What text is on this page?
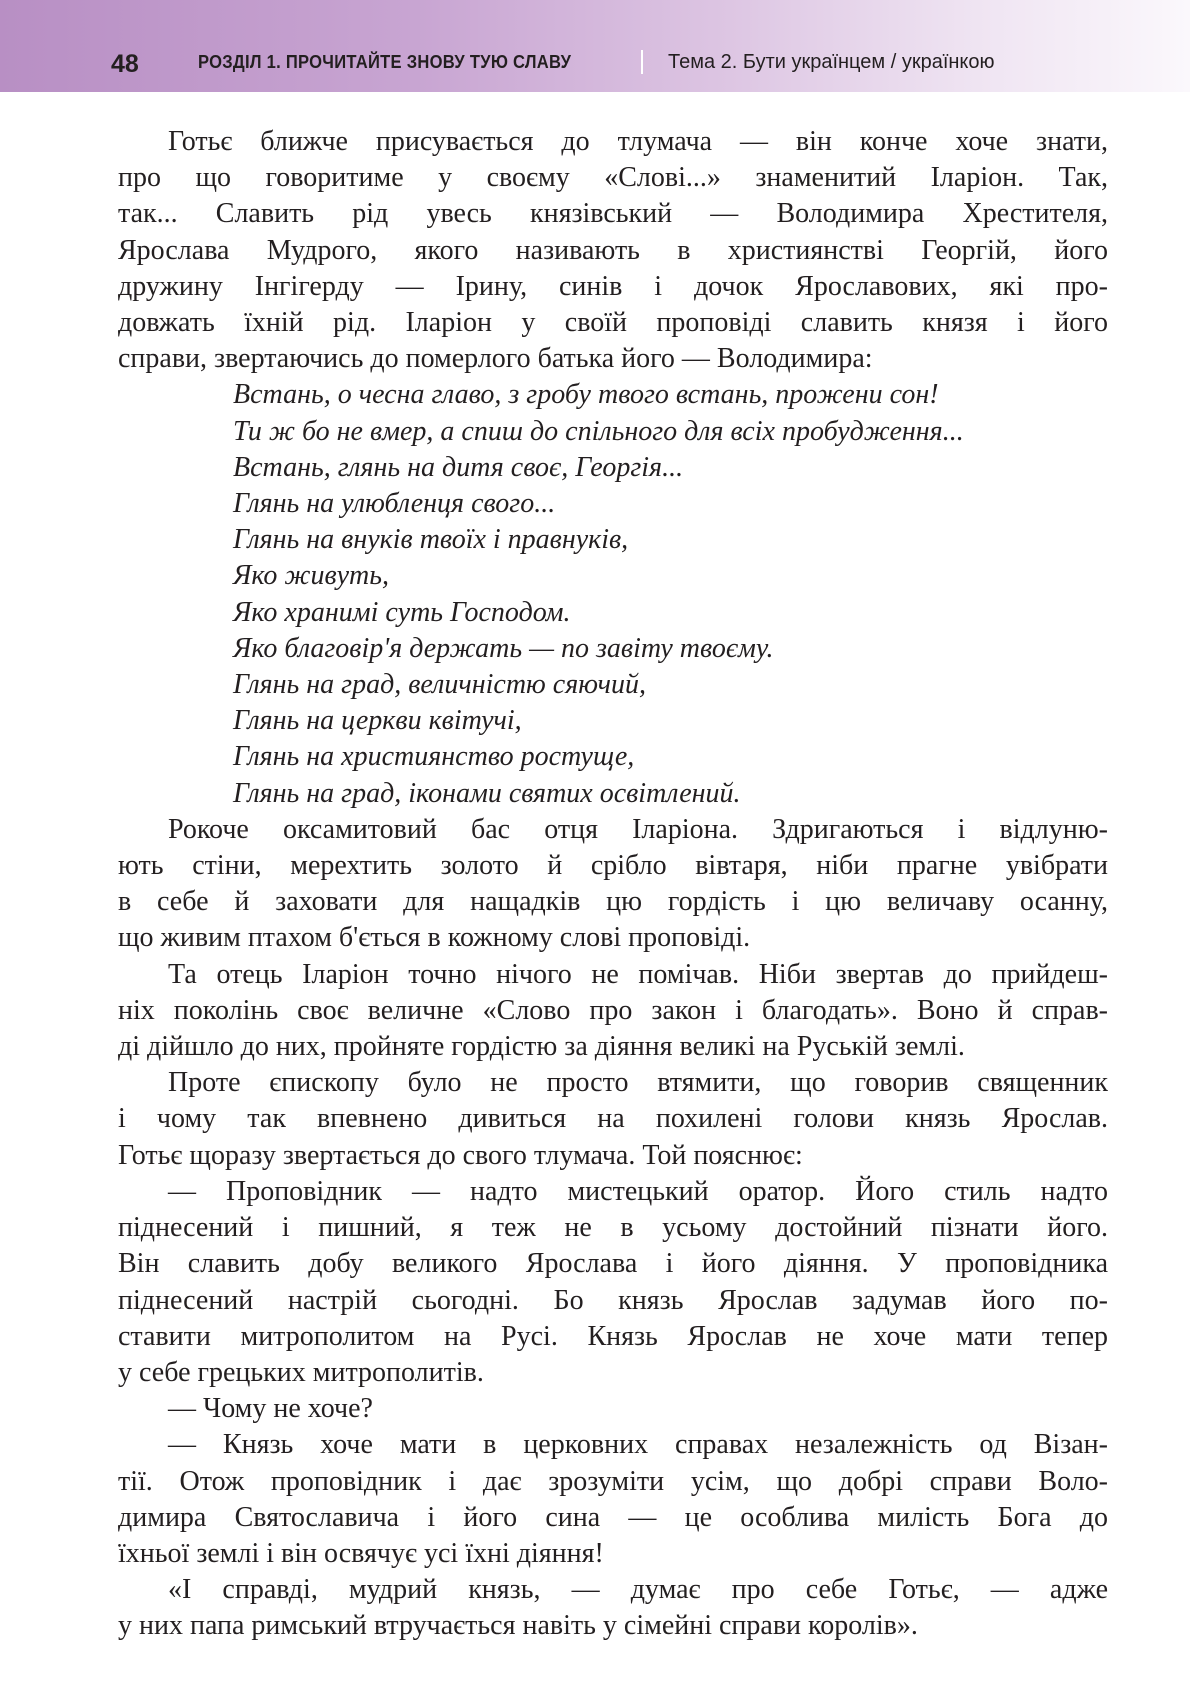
48	РОЗДІЛ 1. ПРОЧИТАЙТЕ ЗНОВУ ТУЮ СЛАВУ	Тема 2. Бути українцем / українкою
Готьє ближче присувається до тлумача — він конче хоче знати,
про що говоритиме у своєму «Слові...» знаменитий Іларіон. Так,
так... Славить рід увесь князівський — Володимира Хрестителя,
Ярослава Мудрого, якого називають в християнстві Георгій, його
дружину Інгігерду — Ірину, синів і дочок Ярославових, які про-
довжать їхній рід. Іларіон у своїй проповіді славить князя і його
справи, звертаючись до померлого батька його — Володимира:
Встань, о чесна главо, з гробу твого встань, прожени сон!
Ти ж бо не вмер, а спиш до спільного для всіх пробудження...
Встань, глянь на дитя своє, Георгія...
Глянь на улюбленця свого...
Глянь на внуків твоїх і правнуків,
Яко живуть,
Яко хранимі суть Господом.
Яко благовір'я держать — по завіту твоєму.
Глянь на град, величністю сяючий,
Глянь на церкви квітучі,
Глянь на християнство ростуще,
Глянь на град, іконами святих освітлений.
Рокоче оксамитовий бас отця Іларіона. Здригаються і відлуню-
ють стіни, мерехтить золото й срібло вівтаря, ніби прагне увібрати
в себе й заховати для нащадків цю гордість і цю величаву осанну,
що живим птахом б'ється в кожному слові проповіді.
Та отець Іларіон точно нічого не помічав. Ніби звертав до прийдеш-
ніх поколінь своє величне «Слово про закон і благодать». Воно й справ-
ді дійшло до них, пройняте гордістю за діяння великі на Руській землі.
Проте єпископу було не просто втямити, що говорив священник
і чому так впевнено дивиться на похилені голови князь Ярослав.
Готьє щоразу звертається до свого тлумача. Той пояснює:
— Проповідник — надто мистецький оратор. Його стиль надто
піднесений і пишний, я теж не в усьому достойний пізнати його.
Він славить добу великого Ярослава і його діяння. У проповідника
піднесений настрій сьогодні. Бо князь Ярослав задумав його по-
ставити митрополитом на Русі. Князь Ярослав не хоче мати тепер
у себе грецьких митрополитів.
— Чому не хоче?
— Князь хоче мати в церковних справах незалежність од Візан-
тії. Отож проповідник і дає зрозуміти усім, що добрі справи Воло-
димира Святославича і його сина — це особлива милість Бога до
їхньої землі і він освячує усі їхні діяння!
«І справді, мудрий князь, — думає про себе Готьє, — адже
у них папа римський втручається навіть у сімейні справи королів».
